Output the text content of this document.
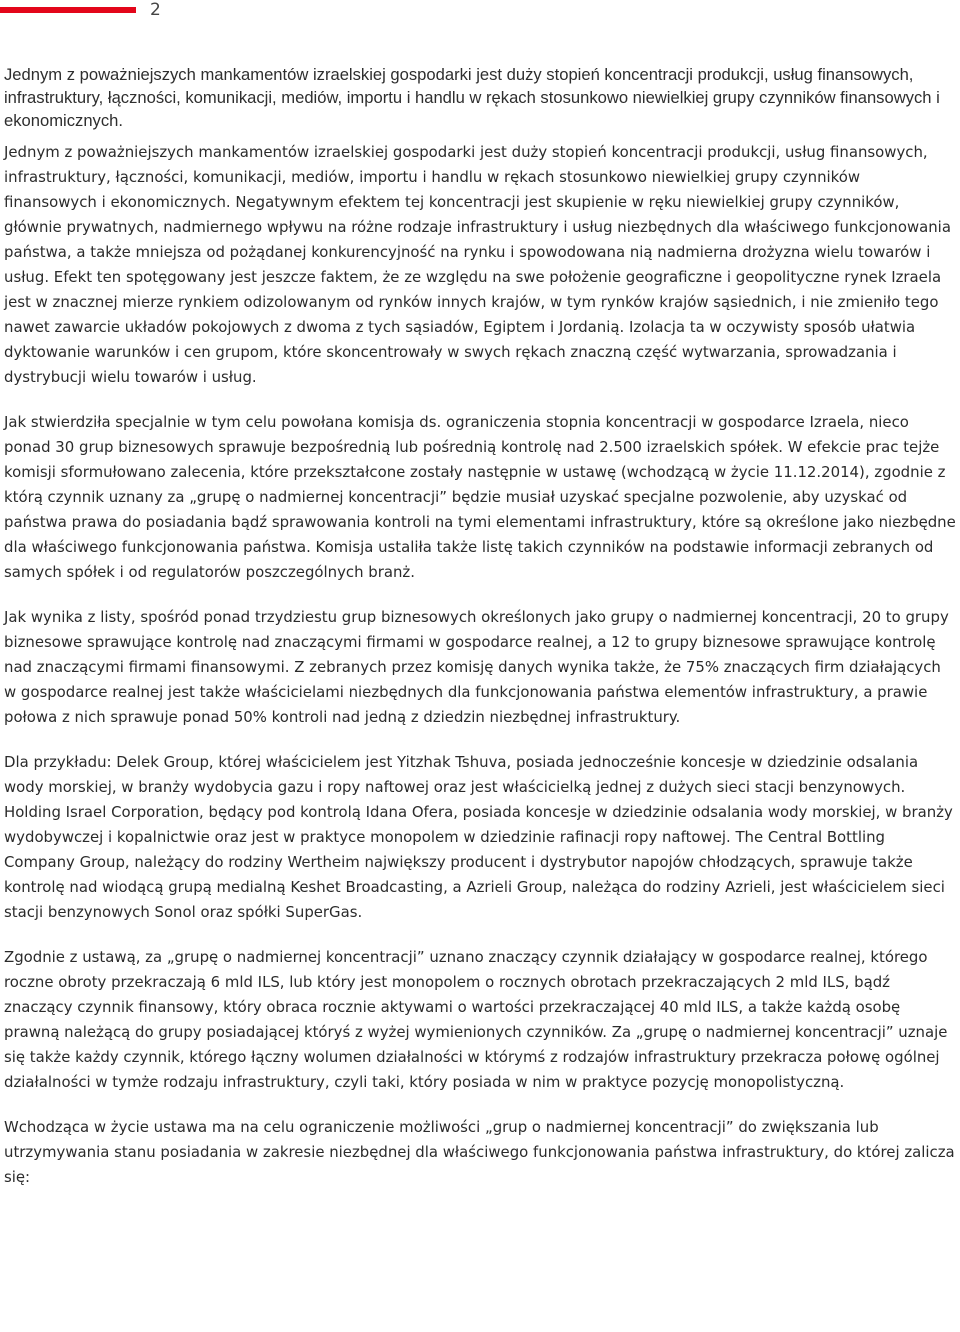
2

Jednym z poważniejszych mankamentów izraelskiej gospodarki jest duży stopień koncentracji produkcji, usług finansowych, infrastruktury, łączności, komunikacji, mediów, importu i handlu w rękach stosunkowo niewielkiej grupy czynników finansowych i ekonomicznych.

Jednym z poważniejszych mankamentów izraelskiej gospodarki jest duży stopień koncentracji produkcji, usług finansowych, infrastruktury, łączności, komunikacji, mediów, importu i handlu w rękach stosunkowo niewielkiej grupy czynników finansowych i ekonomicznych. Negatywnym efektem tej koncentracji jest skupienie w ręku niewielkiej grupy czynników, głównie prywatnych, nadmiernego wpływu na różne rodzaje infrastruktury i usług niezbędnych dla właściwego funkcjonowania państwa, a także mniejsza od pożądanej konkurencyjność na rynku i spowodowana nią nadmierna drożyzna wielu towarów i usług. Efekt ten spotęgowany jest jeszcze faktem, że ze względu na swe położenie geograficzne i geopolityczne rynek Izraela jest w znacznej mierze rynkiem odizolowanym od rynków innych krajów, w tym rynków krajów sąsiednich, i nie zmieniło tego nawet zawarcie układów pokojowych z dwoma z tych sąsiadów, Egiptem i Jordanią. Izolacja ta w oczywisty sposób ułatwia dyktowanie warunków i cen grupom, które skoncentrowały w swych rękach znaczną część wytwarzania, sprowadzania i dystrybucji wielu towarów i usług.

Jak stwierdziła specjalnie w tym celu powołana komisja ds. ograniczenia stopnia koncentracji w gospodarce Izraela, nieco ponad 30 grup biznesowych sprawuje bezpośrednią lub pośrednią kontrolę nad 2.500 izraelskich spółek. W efekcie prac tejże komisji sformułowano zalecenia, które przekształcone zostały następnie w ustawę (wchodzącą w życie 11.12.2014), zgodnie z którą czynnik uznany za „grupę o nadmiernej koncentracji” będzie musiał uzyskać specjalne pozwolenie, aby uzyskać od państwa prawa do posiadania bądź sprawowania kontroli na tymi elementami infrastruktury, które są określone jako niezbędne dla właściwego funkcjonowania państwa. Komisja ustaliła także listę takich czynników na podstawie informacji zebranych od samych spółek i od regulatorów poszczególnych branż.

Jak wynika z listy, spośród ponad trzydziestu grup biznesowych określonych jako grupy o nadmiernej koncentracji, 20 to grupy biznesowe sprawujące kontrolę nad znaczącymi firmami w gospodarce realnej, a 12 to grupy biznesowe sprawujące kontrolę nad znaczącymi firmami finansowymi. Z zebranych przez komisję danych wynika także, że 75% znaczących firm działających w gospodarce realnej jest także właścicielami niezbędnych dla funkcjonowania państwa elementów infrastruktury, a prawie połowa z nich sprawuje ponad 50% kontroli nad jedną z dziedzin niezbędnej infrastruktury.

Dla przykładu: Delek Group, której właścicielem jest Yitzhak Tshuva, posiada jednocześnie koncesje w dziedzinie odsalania wody morskiej, w branży wydobycia gazu i ropy naftowej oraz jest właścicielką jednej z dużych sieci stacji benzynowych. Holding Israel Corporation, będący pod kontrolą Idana Ofera, posiada koncesje w dziedzinie odsalania wody morskiej, w branży wydobywczej i kopalnictwie oraz jest w praktyce monopolem w dziedzinie rafinacji ropy naftowej. The Central Bottling Company Group, należący do rodziny Wertheim największy producent i dystrybutor napojów chłodzących, sprawuje także kontrolę nad wiodącą grupą medialną Keshet Broadcasting, a Azrieli Group, należąca do rodziny Azrieli, jest właścicielem sieci stacji benzynowych Sonol oraz spółki SuperGas.

Zgodnie z ustawą, za „grupę o nadmiernej koncentracji” uznano znaczący czynnik działający w gospodarce realnej, którego roczne obroty przekraczają 6 mld ILS, lub który jest monopolem o rocznych obrotach przekraczających 2 mld ILS, bądź znaczący czynnik finansowy, który obraca rocznie aktywami o wartości przekraczającej 40 mld ILS, a także każdą osobę prawną należącą do grupy posiadającej któryś z wyżej wymienionych czynników. Za „grupę o nadmiernej koncentracji” uznaje się także każdy czynnik, którego łączny wolumen działalności w którymś z rodzajów infrastruktury przekracza połowę ogólnej działalności w tymże rodzaju infrastruktury, czyli taki, który posiada w nim w praktyce pozycję monopolistyczną.

Wchodząca w życie ustawa ma na celu ograniczenie możliwości „grup o nadmiernej koncentracji” do zwiększania lub utrzymywania stanu posiadania w zakresie niezbędnej dla właściwego funkcjonowania państwa infrastruktury, do której zalicza się:
